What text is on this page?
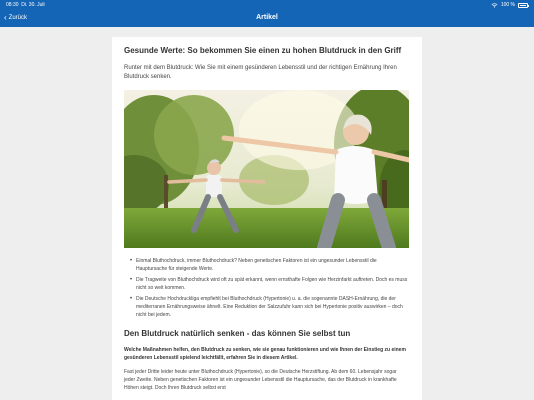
08:30 Di. 30. Juli	100 %
‹ Zurück	Artikel
Gesunde Werte: So bekommen Sie einen zu hohen Blutdruck in den Griff

Runter mit dem Blutdruck: Wie Sie mit einem gesünderen Lebensstil und der richtigen Ernährung Ihren Blutdruck senken.

• Einmal Bluthochdruck, immer Bluthochdruck? Neben genetischen Faktoren ist ein ungesunder Lebensstil die Hauptursache für steigende Werte.
• Die Tragweite von Bluthochdruck wird oft zu spät erkannt, wenn ernsthafte Folgen wie Herzinfarkt auftreten. Doch es muss nicht so weit kommen.
• Die Deutsche Hochdruckliga empfiehlt bei Bluthochdruck (Hypertonie) u. a. die sogenannte DASH-Ernährung, die der mediterranen Ernährungsweise ähnelt. Eine Reduktion der Salzzufuhr kann sich bei Hypertonie positiv auswirken – doch nicht bei jedem.
Den Blutdruck natürlich senken - das können Sie selbst tun

Welche Maßnahmen helfen, den Blutdruck zu senken, wie sie genau funktionieren und wie Ihnen der Einstieg zu einem gesünderen Lebensstil spielend leichtfällt, erfahren Sie in diesem Artikel.

Fast jeder Dritte leider heute unter Bluthochdruck (Hypertonie), so die Deutsche Herzstiftung. Ab dem 60. Lebensjahr sogar jeder Zweite. Neben genetischen Faktoren ist ein ungesunder Lebensstil die Hauptursache, das der Blutdruck in krankhafte Höhen steigt. Doch Ihren Blutdruck selbst erst
